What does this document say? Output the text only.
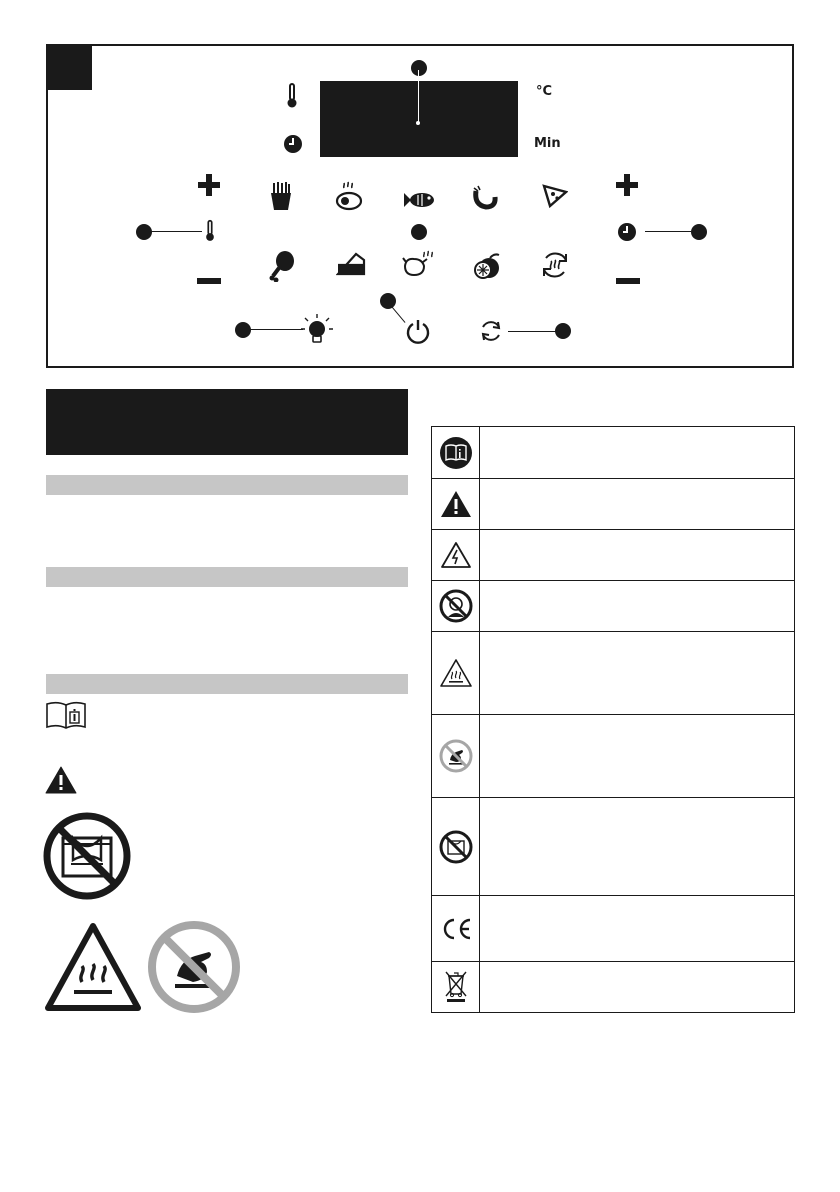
°C
Min
